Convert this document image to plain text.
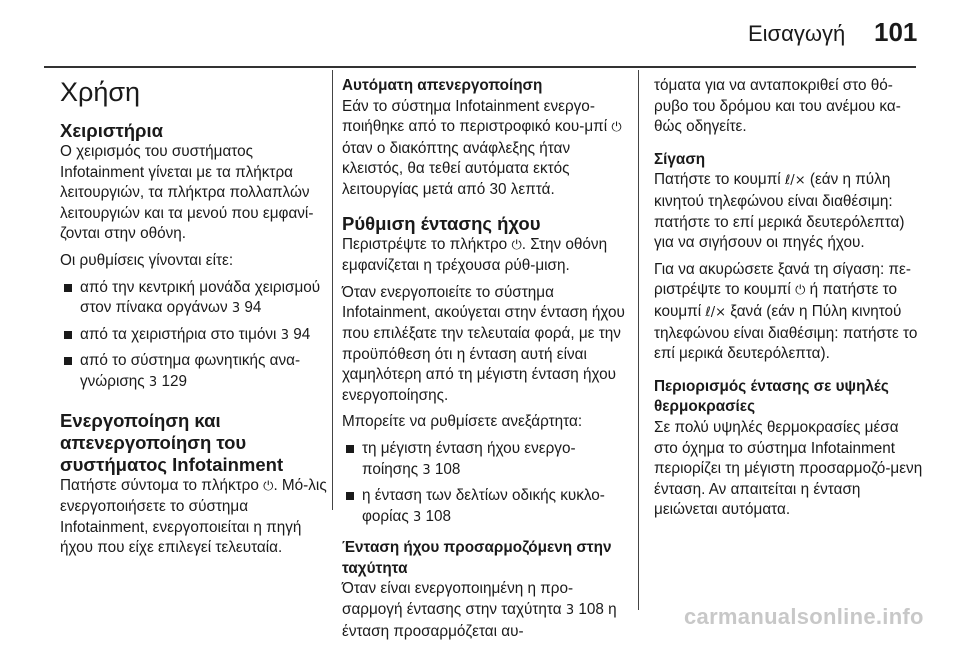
Εισαγωγή 101
Χρήση
Χειριστήρια

Ο χειρισμός του συστήματος Infotainment γίνεται με τα πλήκτρα λειτουργιών, τα πλήκτρα πολλαπλών λειτουργιών και τα μενού που εμφανί-ζονται στην οθόνη.

Οι ρυθμίσεις γίνονται είτε:

από την κεντρική μονάδα χειρισμού στον πίνακα οργάνων 3 94
από τα χειριστήρια στο τιμόνι 3 94
από το σύστημα φωνητικής ανα-γνώρισης 3 129
Ενεργοποίηση και απενεργοποίηση του συστήματος Infotainment

Πατήστε σύντομα το πλήκτρο ⏻. Μό-λις ενεργοποιήσετε το σύστημα Infotainment, ενεργοποιείται η πηγή ήχου που είχε επιλεγεί τελευταία.

Αυτόματη απενεργοποίηση

Εάν το σύστημα Infotainment ενεργο-ποιήθηκε από το περιστροφικό κου-μπί ⏻ όταν ο διακόπτης ανάφλεξης ήταν κλειστός, θα τεθεί αυτόματα εκτός λειτουργίας μετά από 30 λεπτά.

Ρύθμιση έντασης ήχου

Περιστρέψτε το πλήκτρο ⏻. Στην οθόνη εμφανίζεται η τρέχουσα ρύθ-μιση.

Όταν ενεργοποιείτε το σύστημα Infotainment, ακούγεται στην ένταση ήχου που επιλέξατε την τελευταία φορά, με την προϋπόθεση ότι η ένταση αυτή είναι χαμηλότερη από τη μέγιστη ένταση ήχου ενεργοποίησης.

Μπορείτε να ρυθμίσετε ανεξάρτητα:

τη μέγιστη ένταση ήχου ενεργο-ποίησης 3 108
η ένταση των δελτίων οδικής κυκλο-φορίας 3 108
Ένταση ήχου προσαρμοζόμενη στην ταχύτητα

Όταν είναι ενεργοποιημένη η προ-σαρμογή έντασης στην ταχύτητα 3 108 η ένταση προσαρμόζεται αυ-

τόματα για να ανταποκριθεί στο θό-ρυβο του δρόμου και του ανέμου κα-θώς οδηγείτε.

Σίγαση

Πατήστε το κουμπί ℓ/⨯ (εάν η πύλη κινητού τηλεφώνου είναι διαθέσιμη: πατήστε το επί μερικά δευτερόλεπτα) για να σιγήσουν οι πηγές ήχου.

Για να ακυρώσετε ξανά τη σίγαση: πε-ριστρέψτε το κουμπί ⏻ ή πατήστε το κουμπί ℓ/⨯ ξανά (εάν η Πύλη κινητού τηλεφώνου είναι διαθέσιμη: πατήστε το επί μερικά δευτερόλεπτα).

Περιορισμός έντασης σε υψηλές θερμοκρασίες

Σε πολύ υψηλές θερμοκρασίες μέσα στο όχημα το σύστημα Infotainment περιορίζει τη μέγιστη προσαρμοζό-μενη ένταση. Αν απαιτείται η ένταση μειώνεται αυτόματα.

carmanualsonline.info
